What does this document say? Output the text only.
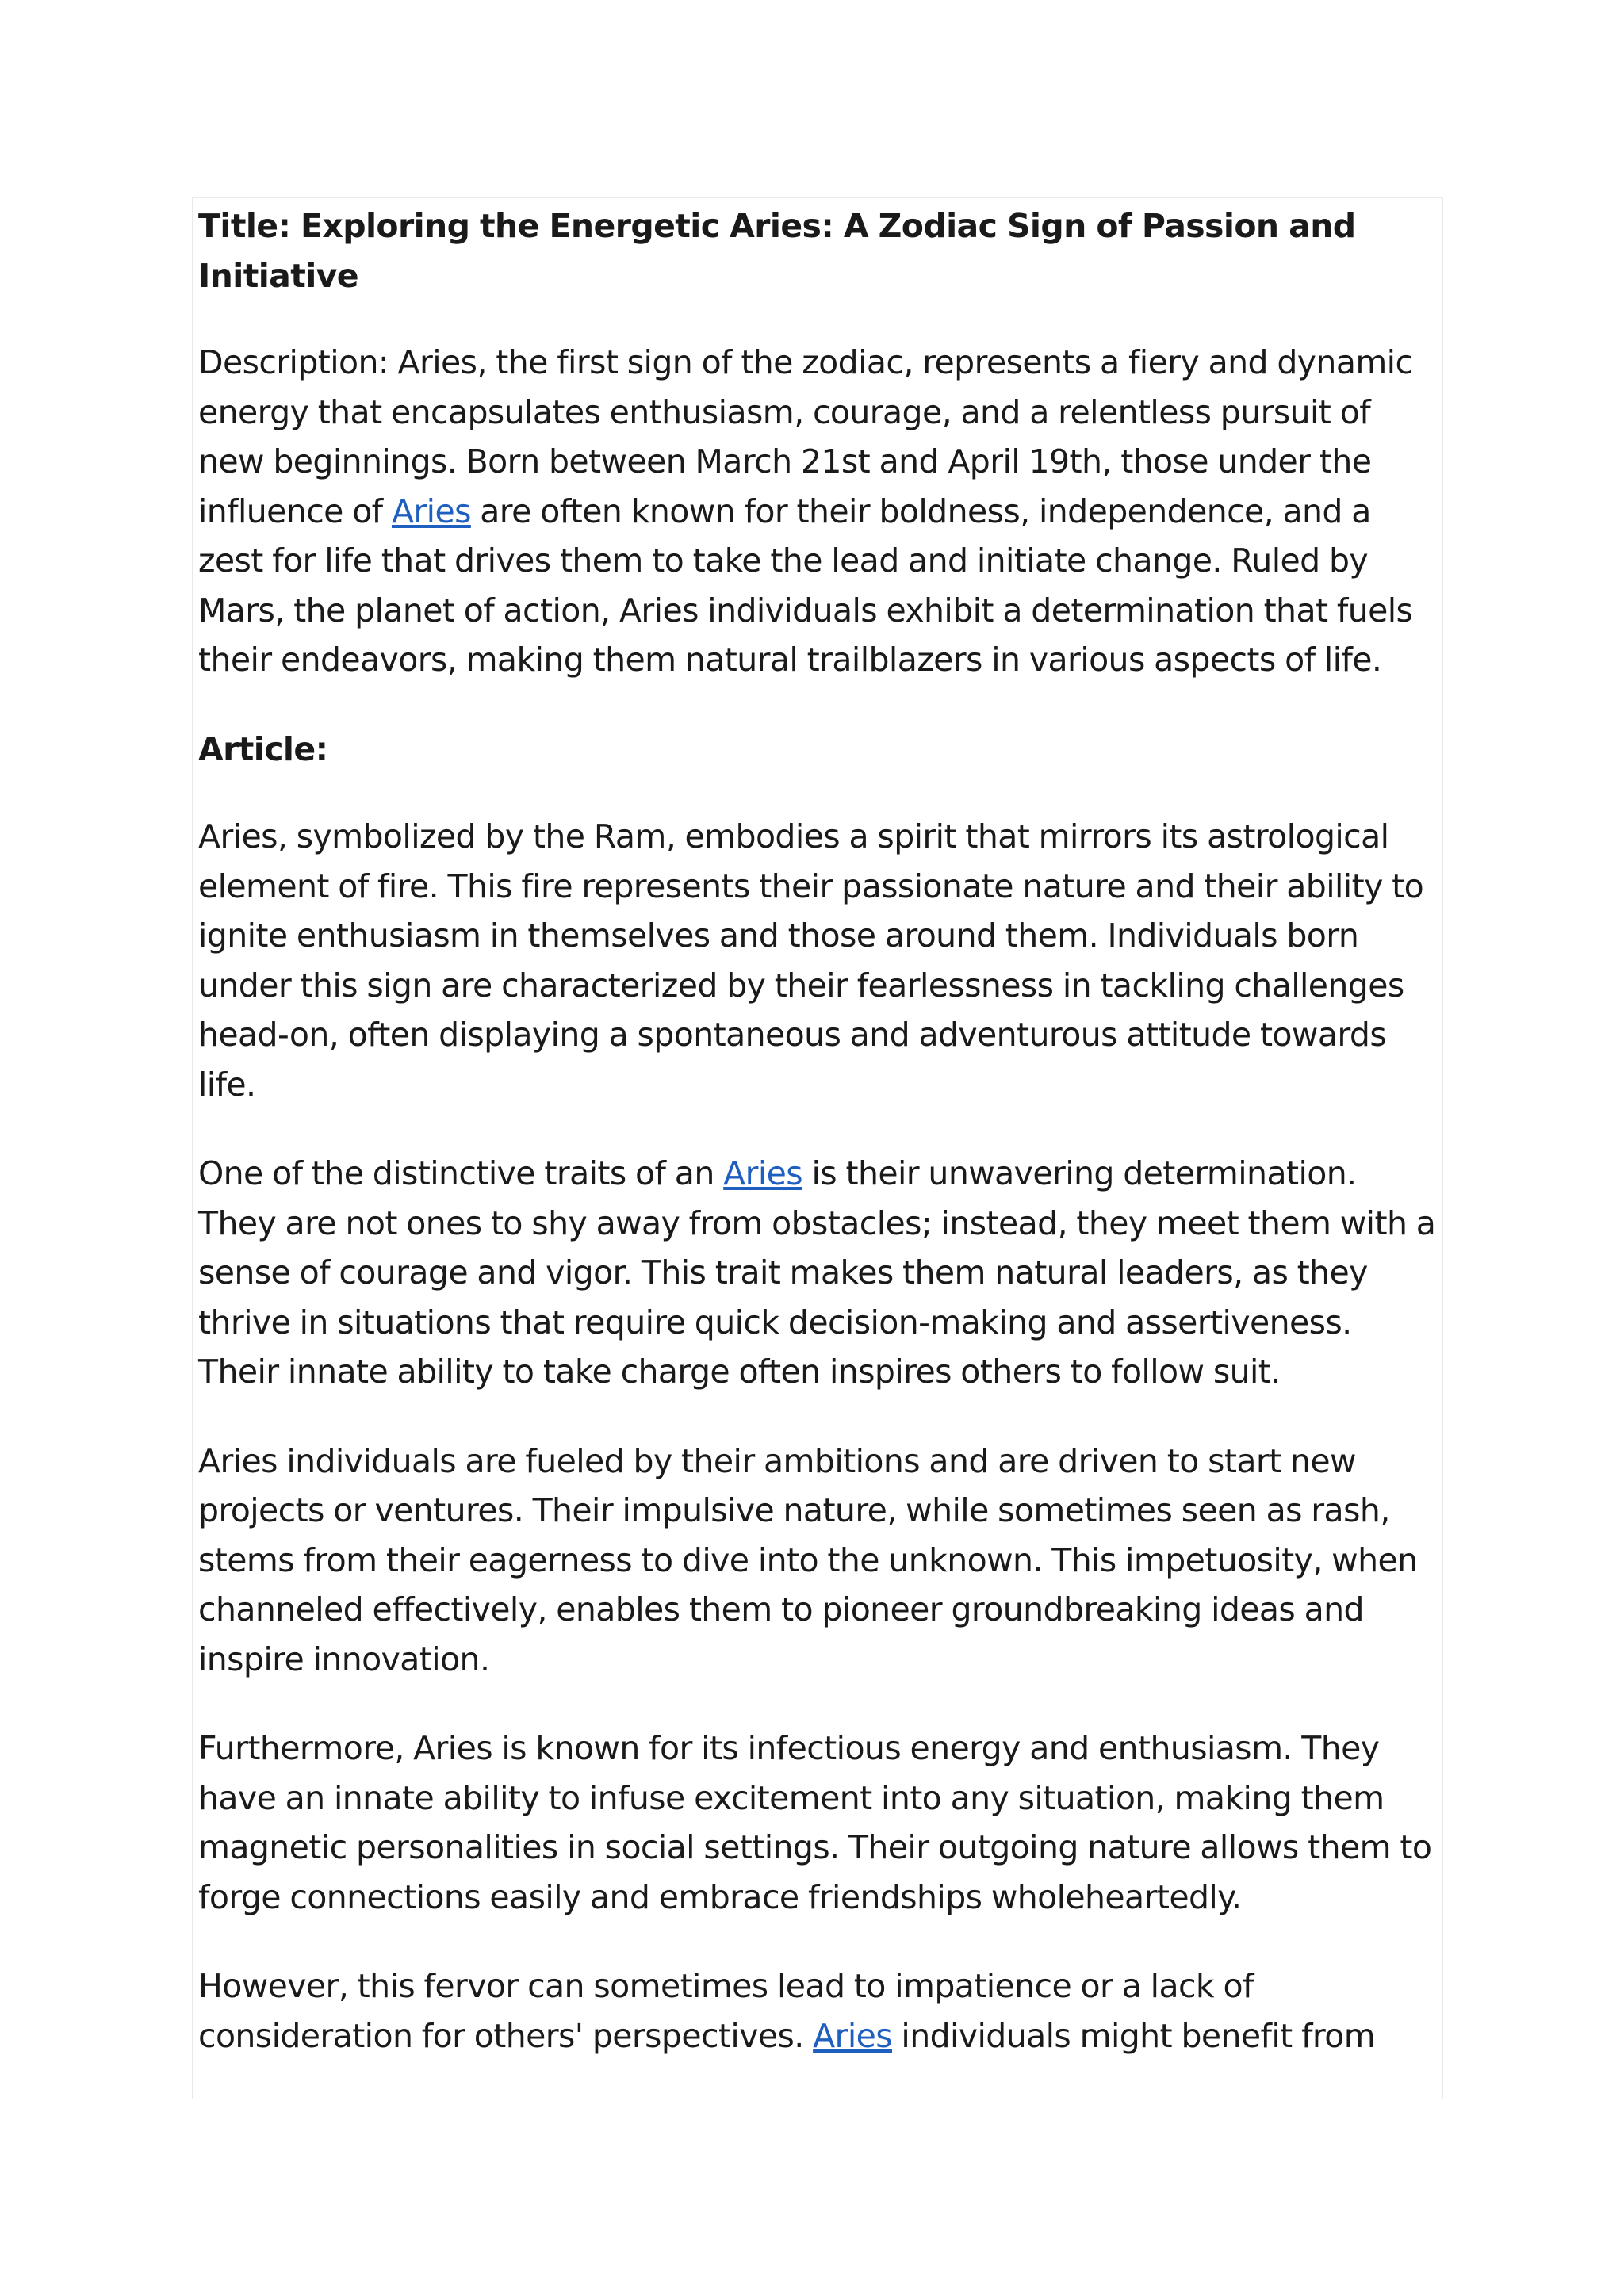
Title: Exploring the Energetic Aries: A Zodiac Sign of Passion and Initiative

Description: Aries, the first sign of the zodiac, represents a fiery and dynamic energy that encapsulates enthusiasm, courage, and a relentless pursuit of new beginnings. Born between March 21st and April 19th, those under the influence of Aries are often known for their boldness, independence, and a zest for life that drives them to take the lead and initiate change. Ruled by Mars, the planet of action, Aries individuals exhibit a determination that fuels their endeavors, making them natural trailblazers in various aspects of life.

Article:

Aries, symbolized by the Ram, embodies a spirit that mirrors its astrological element of fire. This fire represents their passionate nature and their ability to ignite enthusiasm in themselves and those around them. Individuals born under this sign are characterized by their fearlessness in tackling challenges head-on, often displaying a spontaneous and adventurous attitude towards life.

One of the distinctive traits of an Aries is their unwavering determination. They are not ones to shy away from obstacles; instead, they meet them with a sense of courage and vigor. This trait makes them natural leaders, as they thrive in situations that require quick decision-making and assertiveness. Their innate ability to take charge often inspires others to follow suit.

Aries individuals are fueled by their ambitions and are driven to start new projects or ventures. Their impulsive nature, while sometimes seen as rash, stems from their eagerness to dive into the unknown. This impetuosity, when channeled effectively, enables them to pioneer groundbreaking ideas and inspire innovation.

Furthermore, Aries is known for its infectious energy and enthusiasm. They have an innate ability to infuse excitement into any situation, making them magnetic personalities in social settings. Their outgoing nature allows them to forge connections easily and embrace friendships wholeheartedly.

However, this fervor can sometimes lead to impatience or a lack of consideration for others' perspectives. Aries individuals might benefit from
